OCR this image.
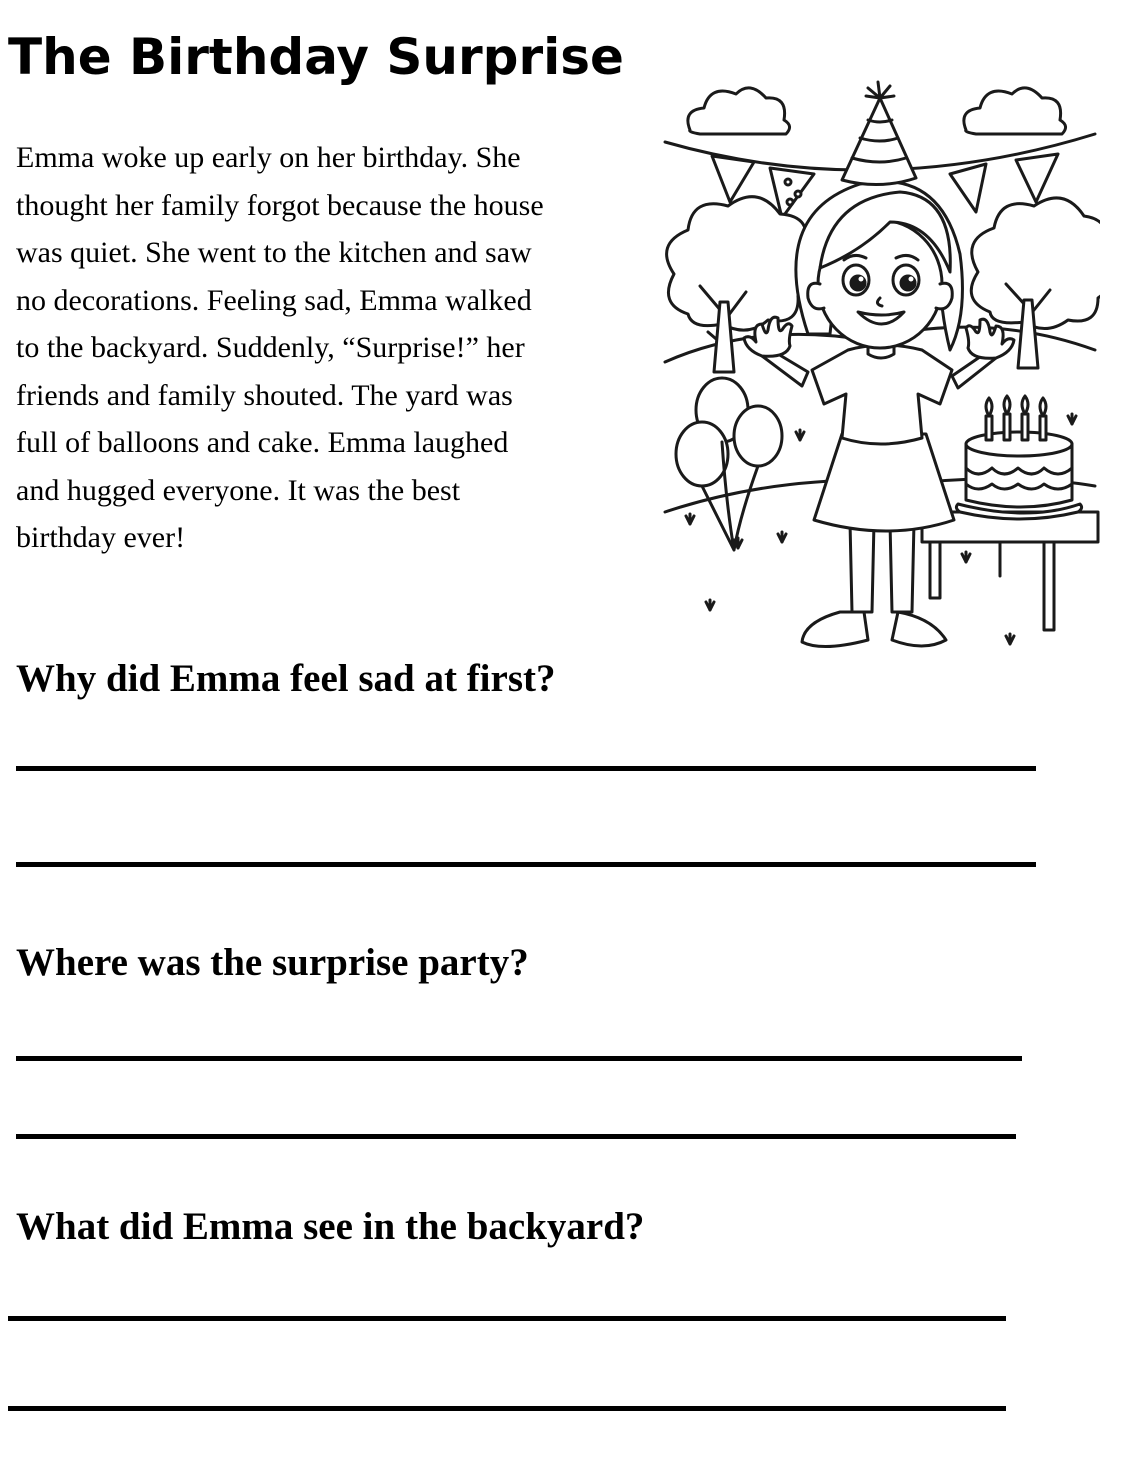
The Birthday Surprise
Emma woke up early on her birthday. She
thought her family forgot because the house
was quiet. She went to the kitchen and saw
no decorations. Feeling sad, Emma walked
to the backyard. Suddenly, “Surprise!” her
friends and family shouted. The yard was
full of balloons and cake. Emma laughed
and hugged everyone. It was the best
birthday ever!
Why did Emma feel sad at first?
Where was the surprise party?
What did Emma see in the backyard?
